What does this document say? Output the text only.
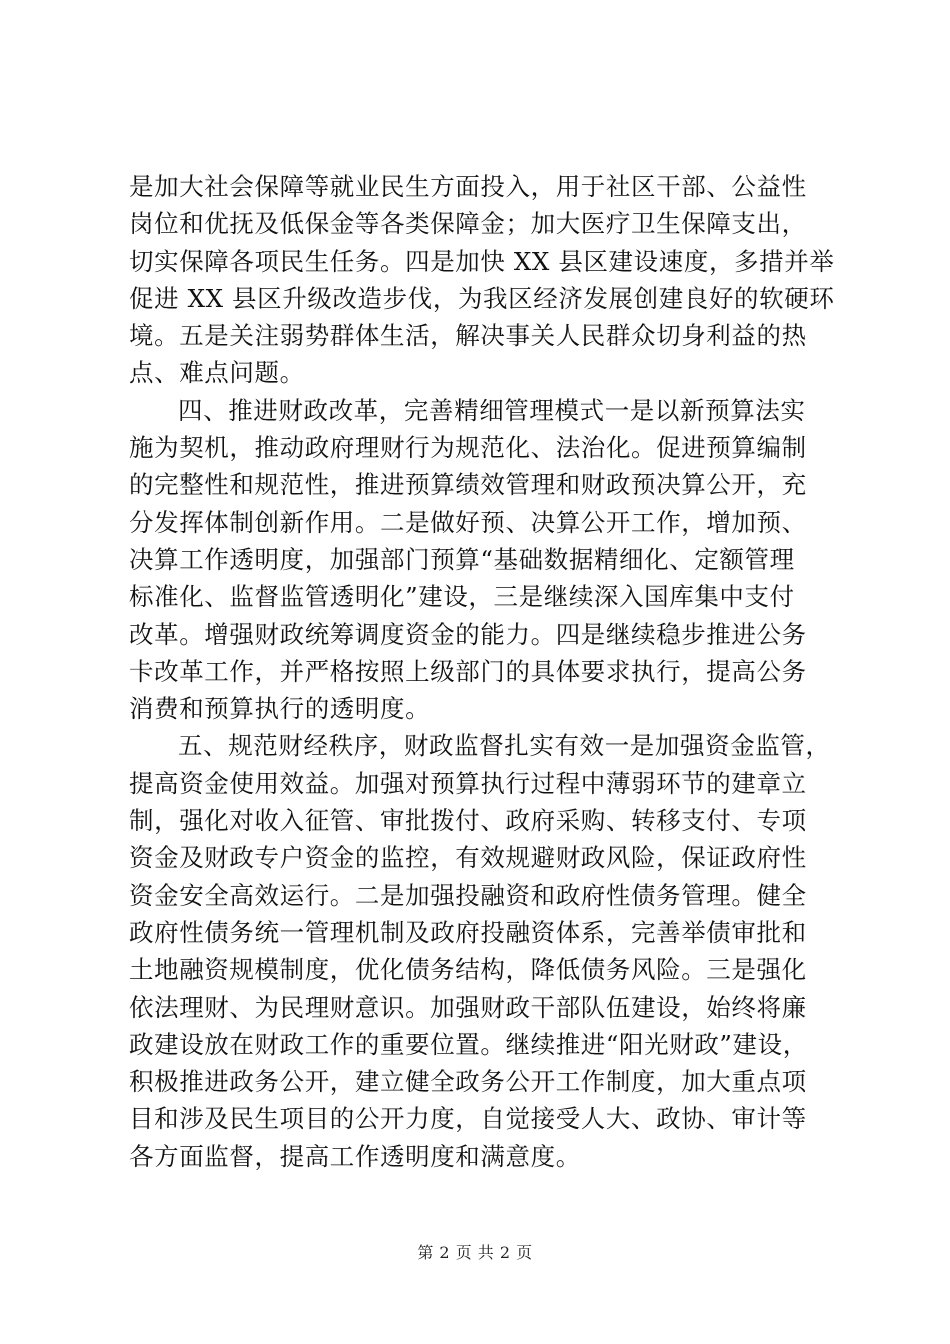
是加大社会保障等就业民生方面投入，用于社区干部、公益性
岗位和优抚及低保金等各类保障金；加大医疗卫生保障支出，
切实保障各项民生任务。四是加快 XX 县区建设速度，多措并举
促进 XX 县区升级改造步伐，为我区经济发展创建良好的软硬环
境。五是关注弱势群体生活，解决事关人民群众切身利益的热
点、难点问题。
四、推进财政改革，完善精细管理模式一是以新预算法实
施为契机，推动政府理财行为规范化、法治化。促进预算编制
的完整性和规范性，推进预算绩效管理和财政预决算公开，充
分发挥体制创新作用。二是做好预、决算公开工作，增加预、
决算工作透明度，加强部门预算“基础数据精细化、定额管理
标准化、监督监管透明化”建设，三是继续深入国库集中支付
改革。增强财政统筹调度资金的能力。四是继续稳步推进公务
卡改革工作，并严格按照上级部门的具体要求执行，提高公务
消费和预算执行的透明度。
五、规范财经秩序，财政监督扎实有效一是加强资金监管，
提高资金使用效益。加强对预算执行过程中薄弱环节的建章立
制，强化对收入征管、审批拨付、政府采购、转移支付、专项
资金及财政专户资金的监控，有效规避财政风险，保证政府性
资金安全高效运行。二是加强投融资和政府性债务管理。健全
政府性债务统一管理机制及政府投融资体系，完善举债审批和
土地融资规模制度，优化债务结构，降低债务风险。三是强化
依法理财、为民理财意识。加强财政干部队伍建设，始终将廉
政建设放在财政工作的重要位置。继续推进“阳光财政”建设，
积极推进政务公开，建立健全政务公开工作制度，加大重点项
目和涉及民生项目的公开力度，自觉接受人大、政协、审计等
各方面监督，提高工作透明度和满意度。
第 2 页 共 2 页
